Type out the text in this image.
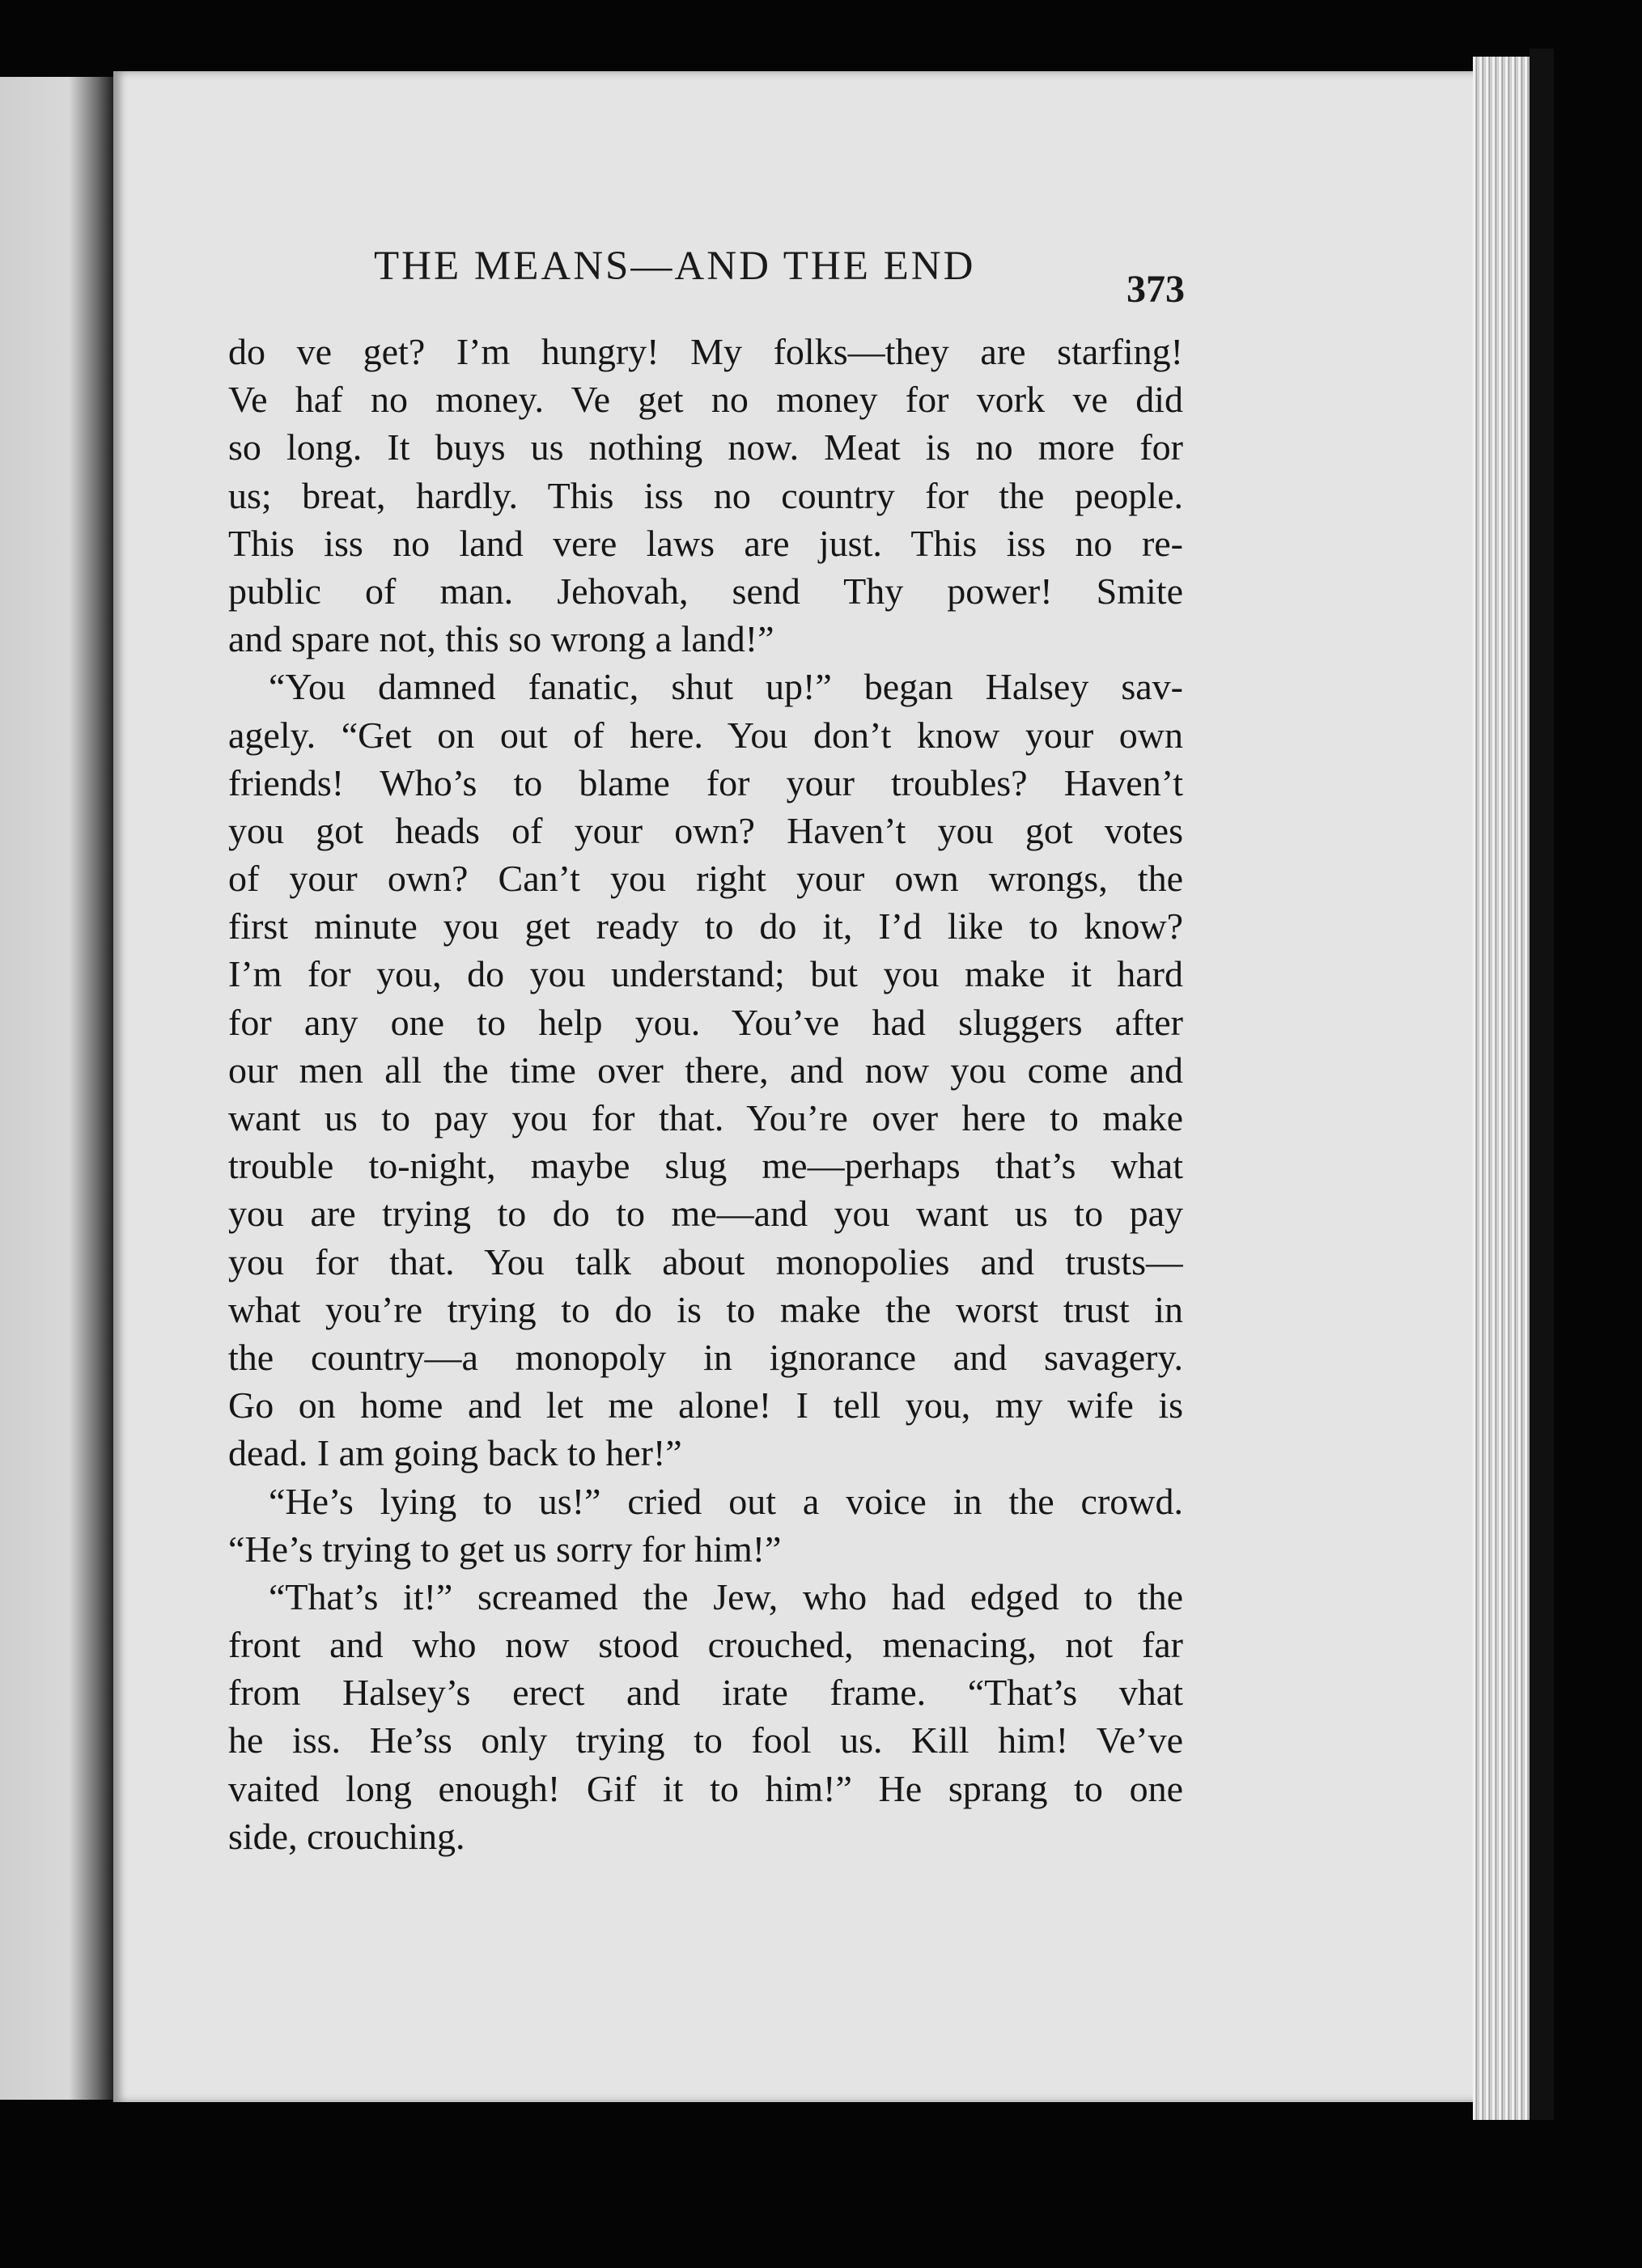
THE MEANS—AND THE END
373
do ve get? I’m hungry! My folks—they are starfing!
Ve haf no money. Ve get no money for vork ve did
so long. It buys us nothing now. Meat is no more for
us; breat, hardly. This iss no country for the people.
This iss no land vere laws are just. This iss no re-
public of man. Jehovah, send Thy power! Smite
and spare not, this so wrong a land!”
“You damned fanatic, shut up!” began Halsey sav-
agely. “Get on out of here. You don’t know your own
friends! Who’s to blame for your troubles? Haven’t
you got heads of your own? Haven’t you got votes
of your own? Can’t you right your own wrongs, the
first minute you get ready to do it, I’d like to know?
I’m for you, do you understand; but you make it hard
for any one to help you. You’ve had sluggers after
our men all the time over there, and now you come and
want us to pay you for that. You’re over here to make
trouble to-night, maybe slug me—perhaps that’s what
you are trying to do to me—and you want us to pay
you for that. You talk about monopolies and trusts—
what you’re trying to do is to make the worst trust in
the country—a monopoly in ignorance and savagery.
Go on home and let me alone! I tell you, my wife is
dead. I am going back to her!”
“He’s lying to us!” cried out a voice in the crowd.
“He’s trying to get us sorry for him!”
“That’s it!” screamed the Jew, who had edged to the
front and who now stood crouched, menacing, not far
from Halsey’s erect and irate frame. “That’s vhat
he iss. He’ss only trying to fool us. Kill him! Ve’ve
vaited long enough! Gif it to him!” He sprang to one
side, crouching.
